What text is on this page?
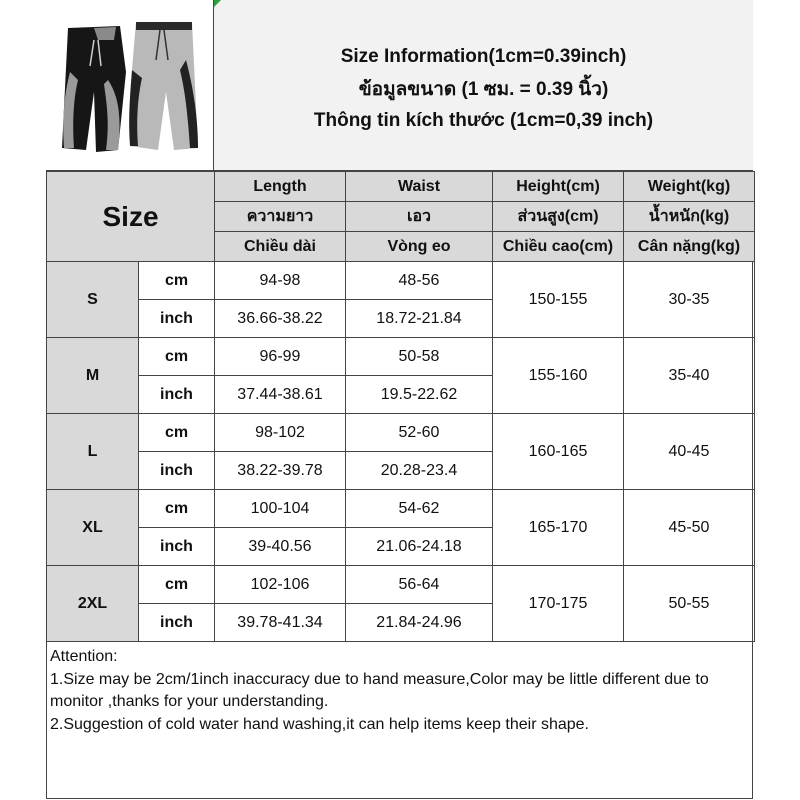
Size Information(1cm=0.39inch)
ข้อมูลขนาด (1 ซม. = 0.39 นิ้ว)
Thông tin kích thước (1cm=0,39 inch)
Size		Length	Waist	Height(cm)	Weight(kg)
		ความยาว	เอว	ส่วนสูง(cm)	น้ำหนัก(kg)
		Chiều dài	Vòng eo	Chiều cao(cm)	Cân nặng(kg)
S	cm	94-98	48-56	150-155	30-35
	inch	36.66-38.22	18.72-21.84		
M	cm	96-99	50-58	155-160	35-40
	inch	37.44-38.61	19.5-22.62		
L	cm	98-102	52-60	160-165	40-45
	inch	38.22-39.78	20.28-23.4		
XL	cm	100-104	54-62	165-170	45-50
	inch	39-40.56	21.06-24.18		
2XL	cm	102-106	56-64	170-175	50-55
	inch	39.78-41.34	21.84-24.96		
Attention:
1.Size may be 2cm/1inch inaccuracy due to hand measure,Color may be little different due to monitor ,thanks for your understanding.
2.Suggestion of cold water hand washing,it can help items keep their shape.
